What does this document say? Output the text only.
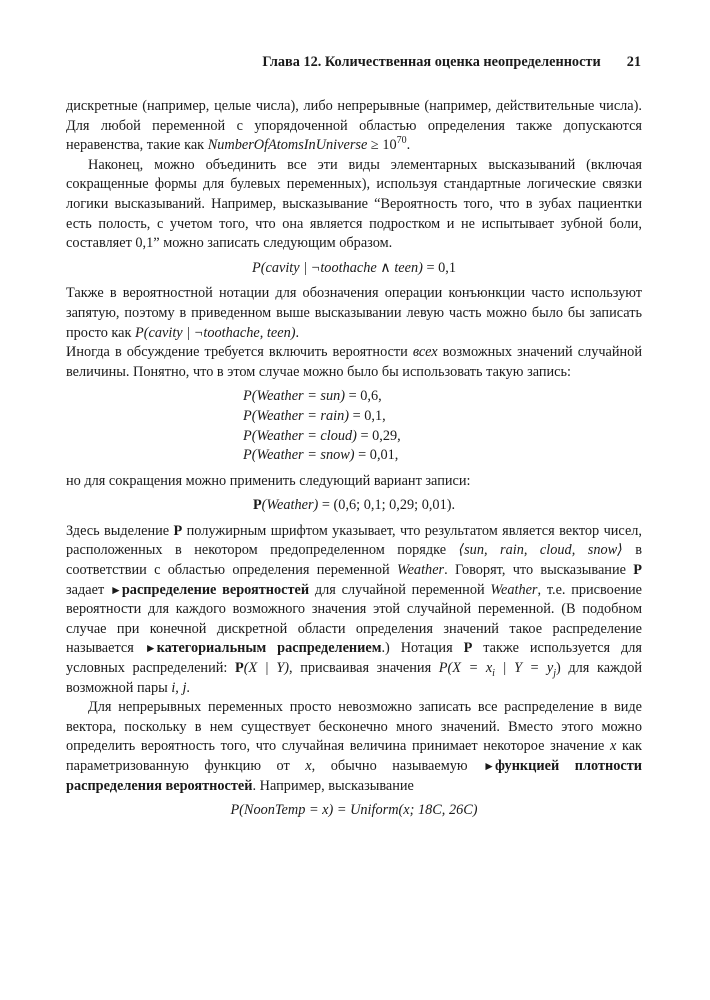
Глава 12. Количественная оценка неопределенности 21

дискретные (например, целые числа), либо непрерывные (например, действительные числа). Для любой переменной с упорядоченной областью определения также допускаются неравенства, такие как NumberOfAtomsInUniverse ≥ $10^{70}$.

Наконец, можно объединить все эти виды элементарных высказываний (включая сокращенные формы для булевых переменных), используя стандартные логические связки логики высказываний. Например, высказывание “Вероятность того, что в зубах пациентки есть полость, с учетом того, что она является подростком и не испытывает зубной боли, составляет 0,1” можно записать следующим образом.

P(cavity | ¬toothache ∧ teen) = 0,1

Также в вероятностной нотации для обозначения операции конъюнкции часто используют запятую, поэтому в приведенном выше высказывании левую часть можно было бы записать просто как P(cavity | ¬toothache, teen).

Иногда в обсуждение требуется включить вероятности всех возможных значений случайной величины. Понятно, что в этом случае можно было бы использовать такую запись:

P(Weather = sun) = 0,6,
P(Weather = rain) = 0,1,
P(Weather = cloud) = 0,29,
P(Weather = snow) = 0,01,

но для сокращения можно применить следующий вариант записи:

P(Weather) = (0,6; 0,1; 0,29; 0,01).

Здесь выделение P полужирным шрифтом указывает, что результатом является вектор чисел, расположенных в некотором предопределенном порядке ⟨sun, rain, cloud, snow⟩ в соответствии с областью определения переменной Weather. Говорят, что высказывание P задает ►распределение вероятностей для случайной переменной Weather, т.е. присвоение вероятности для каждого возможного значения этой случайной переменной. (В подобном случае при конечной дискретной области определения значений такое распределение называется ►категориальным распределением.) Нотация P также используется для условных распределений: P(X | Y), присваивая значения $P(X = x_i$ | $Y = y_j$) для каждой возможной пары i, j.

Для непрерывных переменных просто невозможно записать все распределение в виде вектора, поскольку в нем существует бесконечно много значений. Вместо этого можно определить вероятность того, что случайная величина принимает некоторое значение x как параметризованную функцию от x, обычно называемую ►функцией плотности распределения вероятностей. Например, высказывание

P(NoonTemp = x) = Uniform(x; 18C, 26C)
